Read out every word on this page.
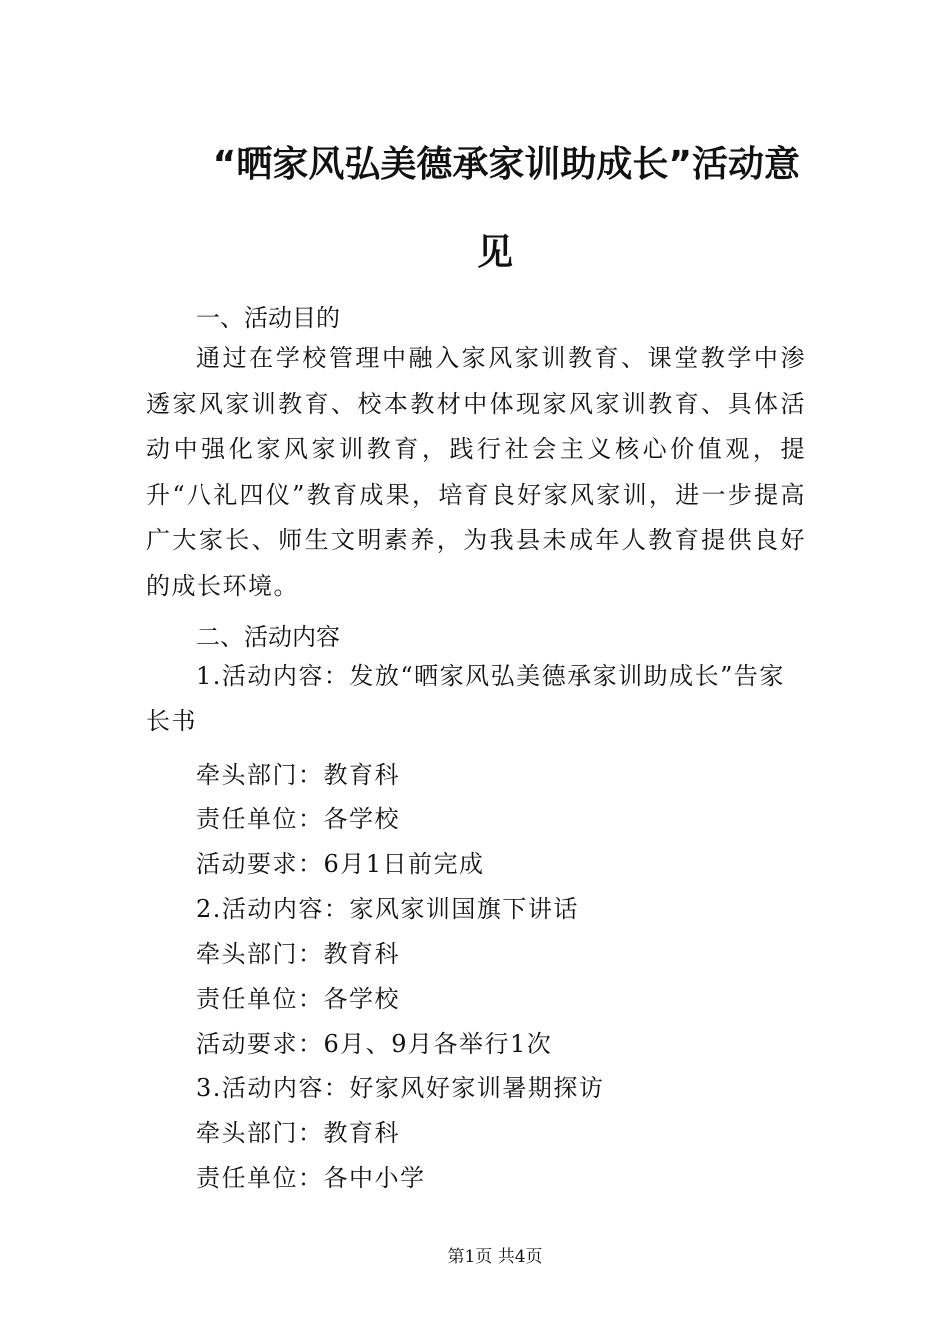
“晒家风弘美德承家训助成长”活动意
见

一、活动目的

通过在学校管理中融入家风家训教育、课堂教学中渗透家风家训教育、校本教材中体现家风家训教育、具体活动中强化家风家训教育，践行社会主义核心价值观，提升“八礼四仪”教育成果，培育良好家风家训，进一步提高广大家长、师生文明素养，为我县未成年人教育提供良好的成长环境。

二、活动内容

1.活动内容：发放“晒家风弘美德承家训助成长”告家长书

牵头部门：教育科

责任单位：各学校

活动要求：6月1日前完成

2.活动内容：家风家训国旗下讲话

牵头部门：教育科

责任单位：各学校

活动要求：6月、9月各举行1次

3.活动内容：好家风好家训暑期探访

牵头部门：教育科

责任单位：各中小学

第1页 共4页
